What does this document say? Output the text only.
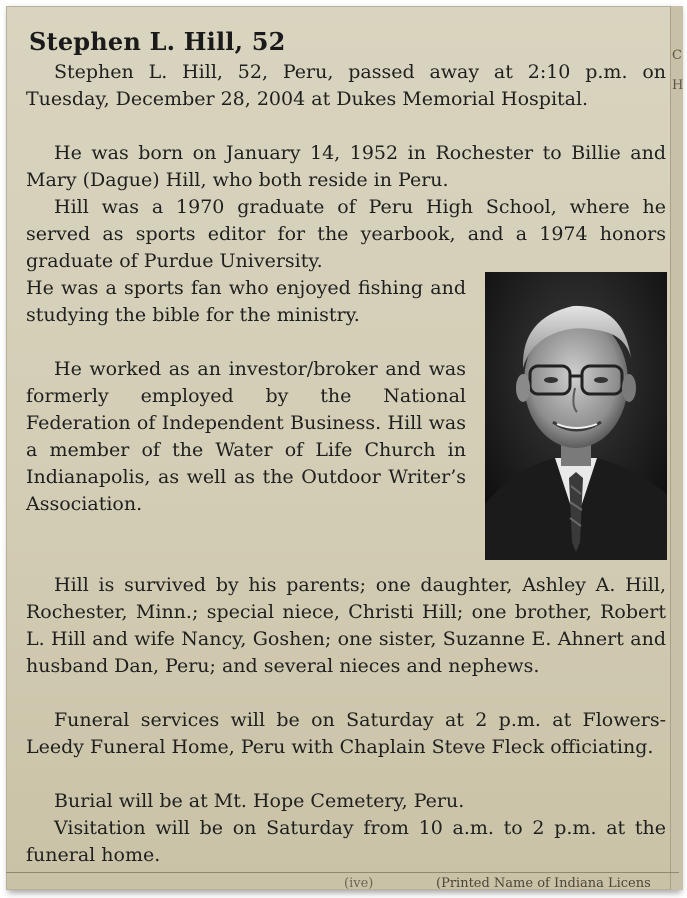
C
H
Stephen L. Hill, 52

Stephen L. Hill, 52, Peru, passed away at 2:10 p.m. on Tuesday, December 28, 2004 at Dukes Memorial Hospital.

He was born on January 14, 1952 in Rochester to Billie and Mary (Dague) Hill, who both reside in Peru.

Hill was a 1970 graduate of Peru High School, where he served as sports editor for the yearbook, and a 1974 honors graduate of Purdue University.

He was a sports fan who enjoyed fishing and studying the bible for the ministry.

He worked as an investor/broker and was formerly employed by the National Federation of Independent Business. Hill was a member of the Water of Life Church in Indianapolis, as well as the Outdoor Writer’s Association.

Hill is survived by his parents; one daughter, Ashley A. Hill, Rochester, Minn.; special niece, Christi Hill; one brother, Robert L. Hill and wife Nancy, Goshen; one sister, Suzanne E. Ahnert and husband Dan, Peru; and several nieces and nephews.

Funeral services will be on Saturday at 2 p.m. at Flowers-Leedy Funeral Home, Peru with Chaplain Steve Fleck officiating.

Burial will be at Mt. Hope Cemetery, Peru.

Visitation will be on Saturday from 10 a.m. to 2 p.m. at the funeral home.

(ive)	(Printed Name of Indiana Licens
